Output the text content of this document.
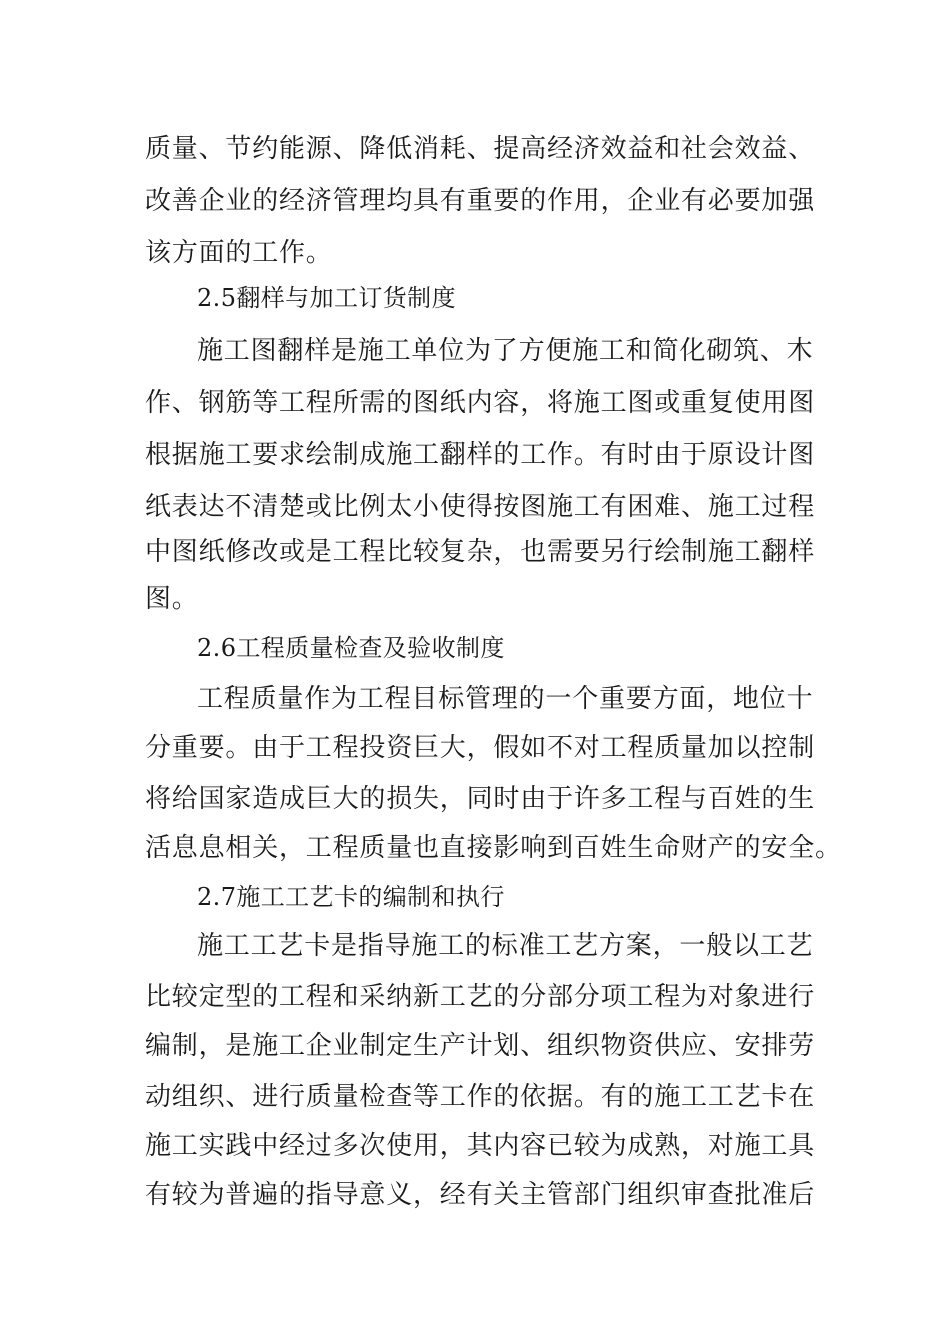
质量、节约能源、降低消耗、提高经济效益和社会效益、
改善企业的经济管理均具有重要的作用，企业有必要加强
该方面的工作。
2.5翻样与加工订货制度
施工图翻样是施工单位为了方便施工和简化砌筑、木
作、钢筋等工程所需的图纸内容，将施工图或重复使用图
根据施工要求绘制成施工翻样的工作。有时由于原设计图
纸表达不清楚或比例太小使得按图施工有困难、施工过程
中图纸修改或是工程比较复杂，也需要另行绘制施工翻样
图。
2.6工程质量检查及验收制度
工程质量作为工程目标管理的一个重要方面，地位十
分重要。由于工程投资巨大，假如不对工程质量加以控制
将给国家造成巨大的损失，同时由于许多工程与百姓的生
活息息相关，工程质量也直接影响到百姓生命财产的安全。
2.7施工工艺卡的编制和执行
施工工艺卡是指导施工的标准工艺方案，一般以工艺
比较定型的工程和采纳新工艺的分部分项工程为对象进行
编制，是施工企业制定生产计划、组织物资供应、安排劳
动组织、进行质量检查等工作的依据。有的施工工艺卡在
施工实践中经过多次使用，其内容已较为成熟，对施工具
有较为普遍的指导意义，经有关主管部门组织审查批准后
